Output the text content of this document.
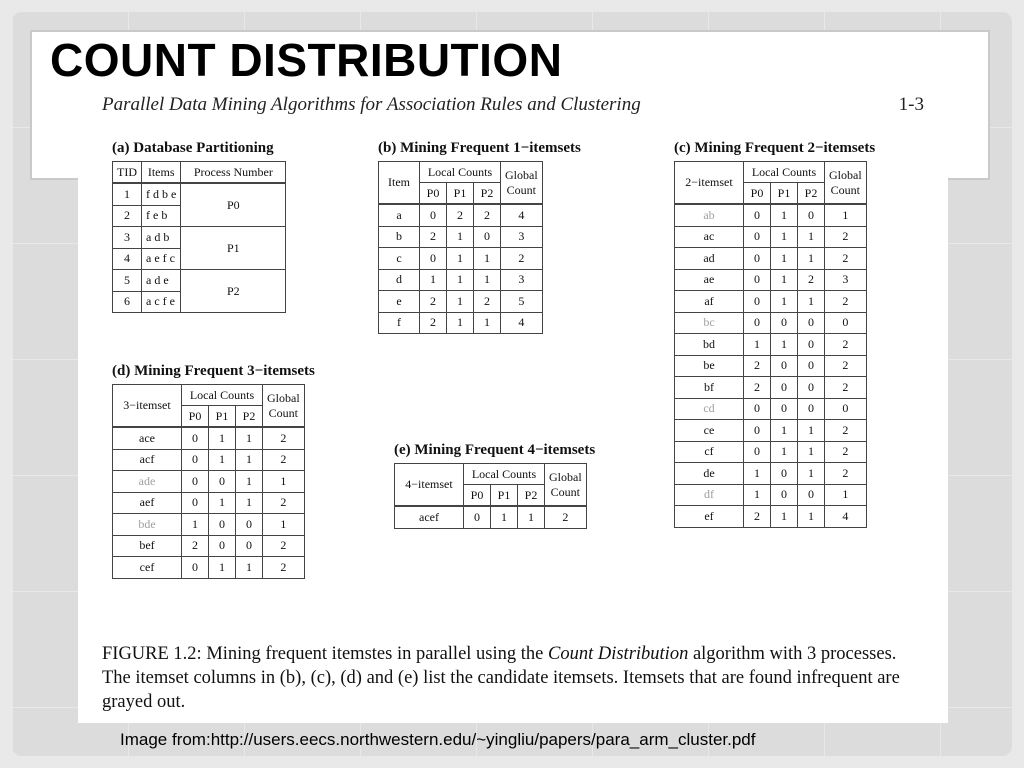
COUNT DISTRIBUTION
Parallel Data Mining Algorithms for Association Rules and Clustering	1-3
(a) Database Partitioning
TID	Items	Process Number
1	f d b e	P0
2	f e b	
3	a d b	P1
4	a e f c	
5	a d e	P2
6	a c f e	
(b) Mining Frequent 1−itemsets
Item	Local Counts			Global
Count
	P0	P1	P2	
a	0	2	2	4
b	2	1	0	3
c	0	1	1	2
d	1	1	1	3
e	2	1	2	5
f	2	1	1	4
(c) Mining Frequent 2−itemsets
2−itemset	Local Counts			Global
Count
	P0	P1	P2	
ab	0	1	0	1
ac	0	1	1	2
ad	0	1	1	2
ae	0	1	2	3
af	0	1	1	2
bc	0	0	0	0
bd	1	1	0	2
be	2	0	0	2
bf	2	0	0	2
cd	0	0	0	0
ce	0	1	1	2
cf	0	1	1	2
de	1	0	1	2
df	1	0	0	1
ef	2	1	1	4
(d) Mining Frequent 3−itemsets
3−itemset	Local Counts			Global
Count
	P0	P1	P2	
ace	0	1	1	2
acf	0	1	1	2
ade	0	0	1	1
aef	0	1	1	2
bde	1	0	0	1
bef	2	0	0	2
cef	0	1	1	2
(e) Mining Frequent 4−itemsets
4−itemset	Local Counts			Global
Count
	P0	P1	P2	
acef	0	1	1	2
FIGURE 1.2: Mining frequent itemstes in parallel using the Count Distribution algorithm with 3 processes. The itemset columns in (b), (c), (d) and (e) list the candidate itemsets. Itemsets that are found infrequent are grayed out.
Image from:http://users.eecs.northwestern.edu/~yingliu/papers/para_arm_cluster.pdf
